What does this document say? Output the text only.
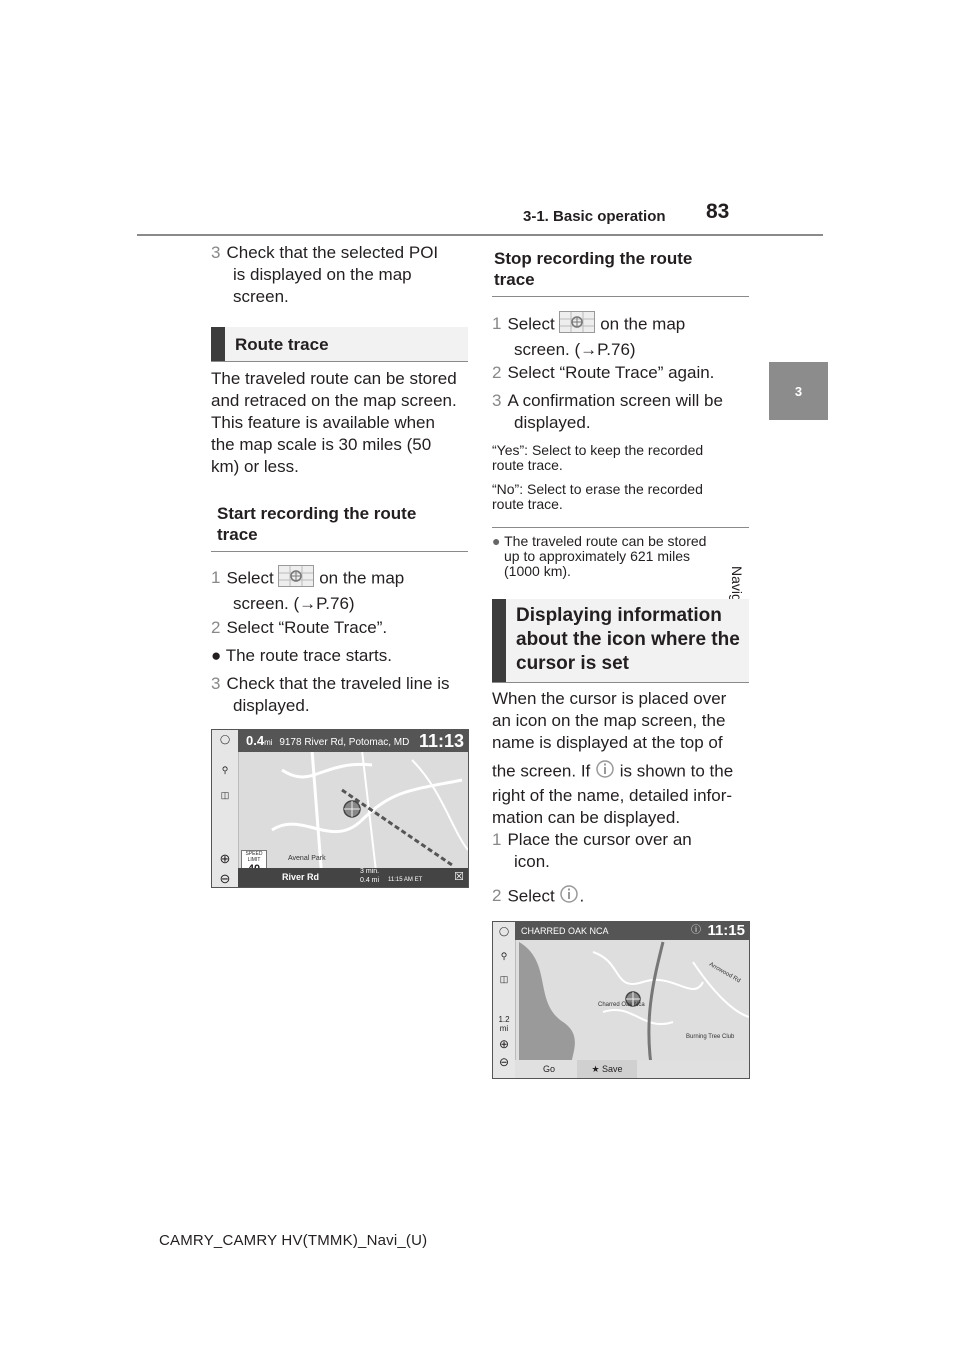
3-1. Basic operation 83
3
3 Check that the selected POI
is displayed on the map
screen.
Route trace
The traveled route can be stored
and retraced on the map screen.
This feature is available when
the map scale is 30 miles (50
km) or less.
Start recording the route
trace
1 Select	on the map
screen. (→P.76)
2 Select “Route Trace”.
● The route trace starts.
3 Check that the traveled line is
displayed.
◯
⚲
◫
⊕
⊖
0.4mi 9178 River Rd, Potomac, MD 11:13
SPEED LIMIT	Avenal Park
River Rd
3 min.
0.4 mi 11:15 AM ET	☒
Stop recording the route
trace
1 Select	on the map
screen. (→P.76)
2 Select “Route Trace” again.
3 A confirmation screen will be
displayed.
“Yes”: Select to keep the recorded
route trace.
“No”: Select to erase the recorded
route trace.
● The traveled route can be stored
up to approximately 621 miles
(1000 km).
Displaying information
about the icon where the
cursor is set
When the cursor is placed over
an icon on the map screen, the
name is displayed at the top of
the screen. If is shown to the
right of the name, detailed infor-
mation can be displayed.
1 Place the cursor over an
icon.
2 Select .
◯
⚲
◫
1.2
mi
⊕
⊖
CHARRED OAK NCA	ⓘ 11:15
Charred Oak Nca
Burning Tree Club
Arrowood Rd
Go	★ Save
CAMRY_CAMRY HV(TMMK)_Navi_(U)
